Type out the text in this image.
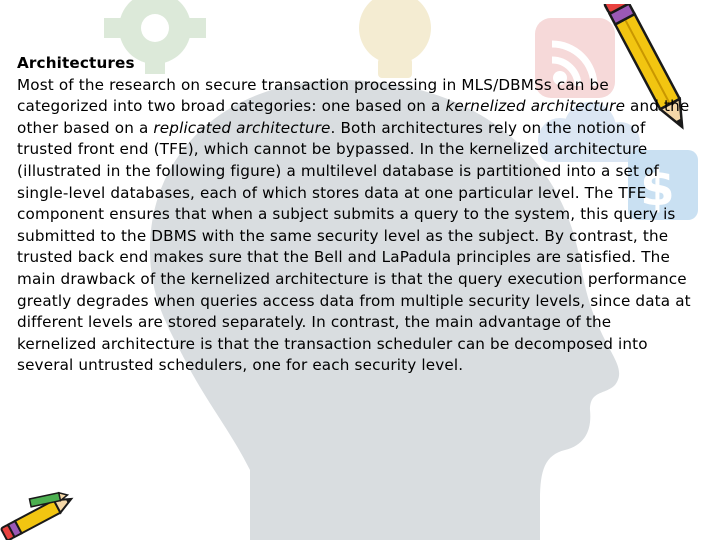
$
Architectures
Most of the research on secure transaction processing in MLS/DBMSs can be categorized into two broad categories: one based on a kernelized architecture and the other based on a replicated architecture. Both architectures rely on the notion of trusted front end (TFE), which cannot be bypassed. In the kernelized architecture (illustrated in the following figure) a multilevel database is partitioned into a set of single-level databases, each of which stores data at one particular level. The TFE component ensures that when a subject submits a query to the system, this query is submitted to the DBMS with the same security level as the subject. By contrast, the trusted back end makes sure that the Bell and LaPadula principles are satisfied. The main drawback of the kernelized architecture is that the query execution performance greatly degrades when queries access data from multiple security levels, since data at different levels are stored separately. In contrast, the main advantage of the kernelized architecture is that the transaction scheduler can be decomposed into several untrusted schedulers, one for each security level.
